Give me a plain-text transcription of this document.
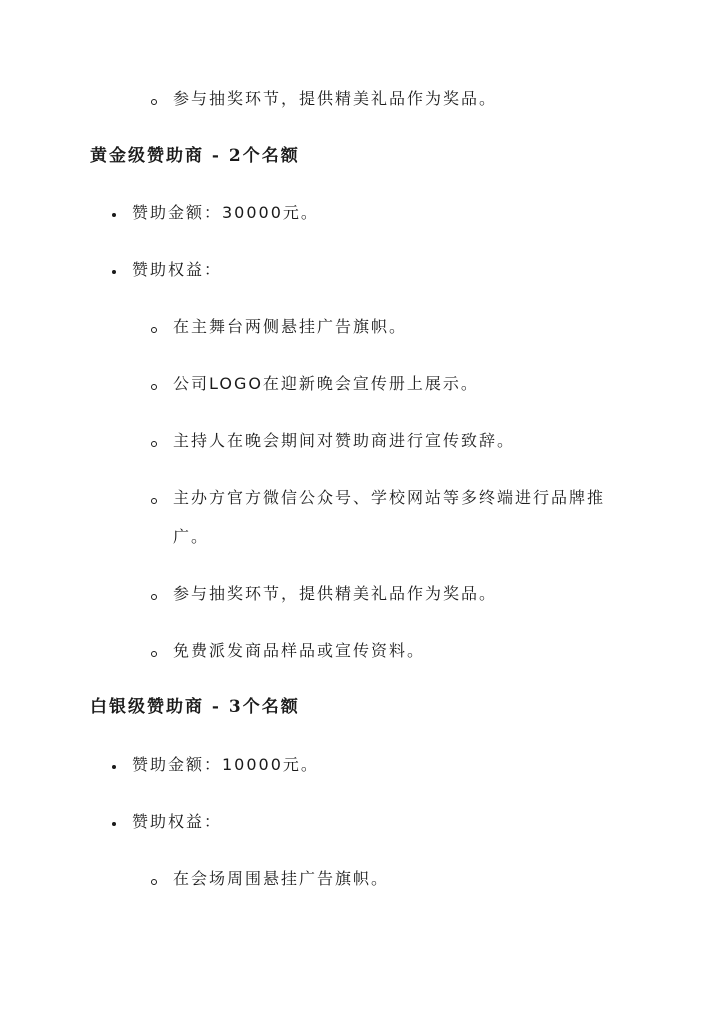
参与抽奖环节，提供精美礼品作为奖品。
黄金级赞助商 - 2个名额
赞助金额：30000元。
赞助权益：
在主舞台两侧悬挂广告旗帜。
公司LOGO在迎新晚会宣传册上展示。
主持人在晚会期间对赞助商进行宣传致辞。
主办方官方微信公众号、学校网站等多终端进行品牌推
广。
参与抽奖环节，提供精美礼品作为奖品。
免费派发商品样品或宣传资料。
白银级赞助商 - 3个名额
赞助金额：10000元。
赞助权益：
在会场周围悬挂广告旗帜。
